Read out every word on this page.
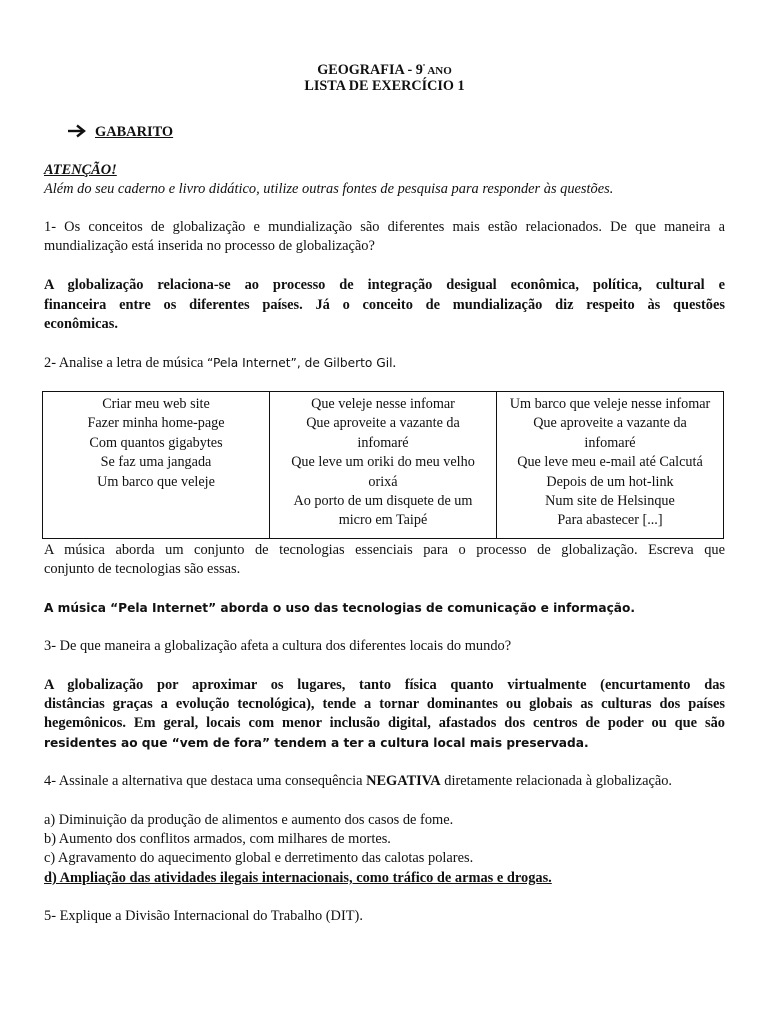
GEOGRAFIA - $9^º$ ANO
LISTA DE EXERCÍCIO 1
GABARITO
ATENÇÃO!
Além do seu caderno e livro didático, utilize outras fontes de pesquisa para responder às questões.
1- Os conceitos de globalização e mundialização são diferentes mais estão relacionados. De que maneira a
mundialização está inserida no processo de globalização?
A globalização relaciona-se ao processo de integração desigual econômica, política, cultural e
financeira entre os diferentes países. Já o conceito de mundialização diz respeito às questões
econômicas.
2- Analise a letra de música “Pela Internet”, de Gilberto Gil.
Criar meu web site
Fazer minha home-page
Com quantos gigabytes
Se faz uma jangada
Um barco que veleje

Que veleje nesse infomar
Que aproveite a vazante da
infomaré
Que leve um oriki do meu velho
orixá
Ao porto de um disquete de um
micro em Taipé

Um barco que veleje nesse infomar
Que aproveite a vazante da
infomaré
Que leve meu e-mail até Calcutá
Depois de um hot-link
Num site de Helsinque
Para abastecer [...]
A música aborda um conjunto de tecnologias essenciais para o processo de globalização. Escreva que
conjunto de tecnologias são essas.
A música “Pela Internet” aborda o uso das tecnologias de comunicação e informação.
3- De que maneira a globalização afeta a cultura dos diferentes locais do mundo?
A globalização por aproximar os lugares, tanto física quanto virtualmente (encurtamento das
distâncias graças a evolução tecnológica), tende a tornar dominantes ou globais as culturas dos países
hegemônicos. Em geral, locais com menor inclusão digital, afastados dos centros de poder ou que são
residentes ao que “vem de fora” tendem a ter a cultura local mais preservada.
4- Assinale a alternativa que destaca uma consequência NEGATIVA diretamente relacionada à globalização.
a) Diminuição da produção de alimentos e aumento dos casos de fome.
b) Aumento dos conflitos armados, com milhares de mortes.
c) Agravamento do aquecimento global e derretimento das calotas polares.
d) Ampliação das atividades ilegais internacionais, como tráfico de armas e drogas.
5- Explique a Divisão Internacional do Trabalho (DIT).
